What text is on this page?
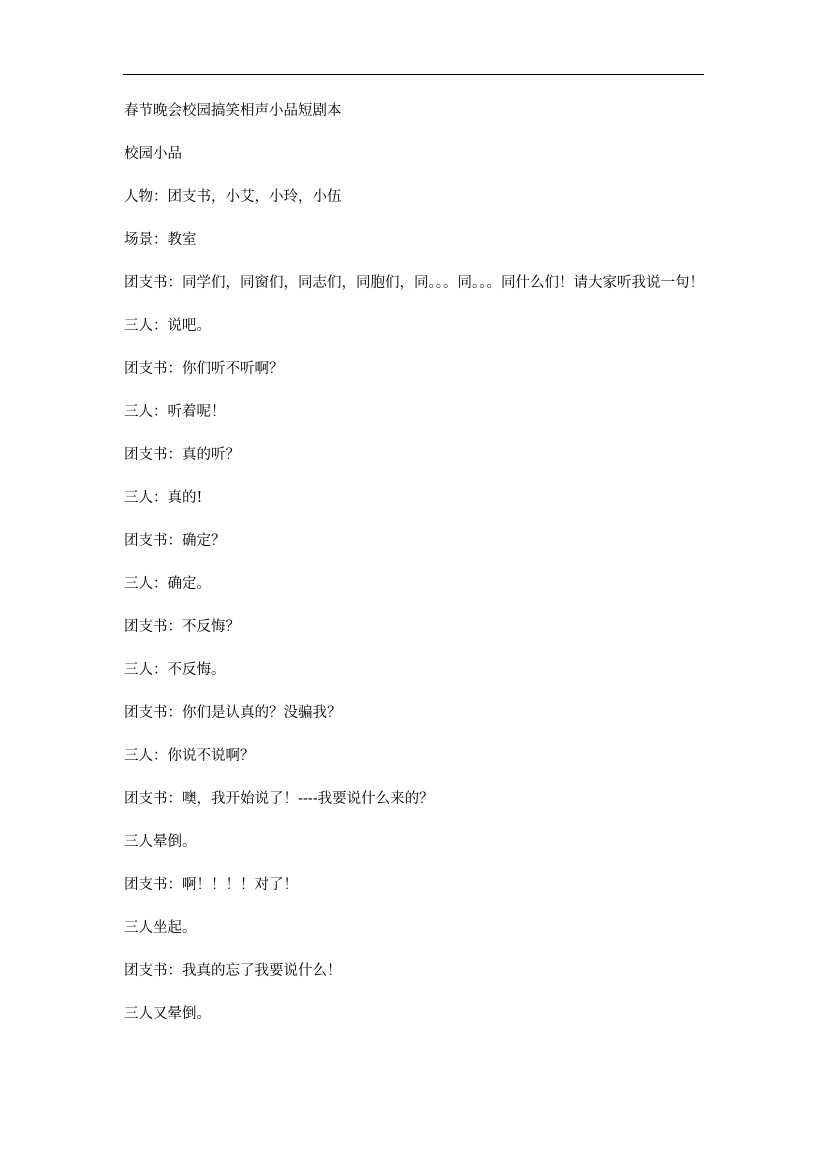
春节晚会校园搞笑相声小品短剧本

校园小品

人物：团支书，小艾，小玲，小伍

场景：教室

团支书：同学们，同窗们，同志们，同胞们，同。。。同。。。同什么们！请大家听我说一句！

三人：说吧。

团支书：你们听不听啊？

三人：听着呢！

团支书：真的听？

三人：真的!

团支书：确定？

三人：确定。

团支书：不反悔？

三人：不反悔。

团支书：你们是认真的？没骗我？

三人：你说不说啊？

团支书：噢，我开始说了！----我要说什么来的？

三人晕倒。

团支书：啊！！！！对了！

三人坐起。

团支书：我真的忘了我要说什么！

三人又晕倒。
